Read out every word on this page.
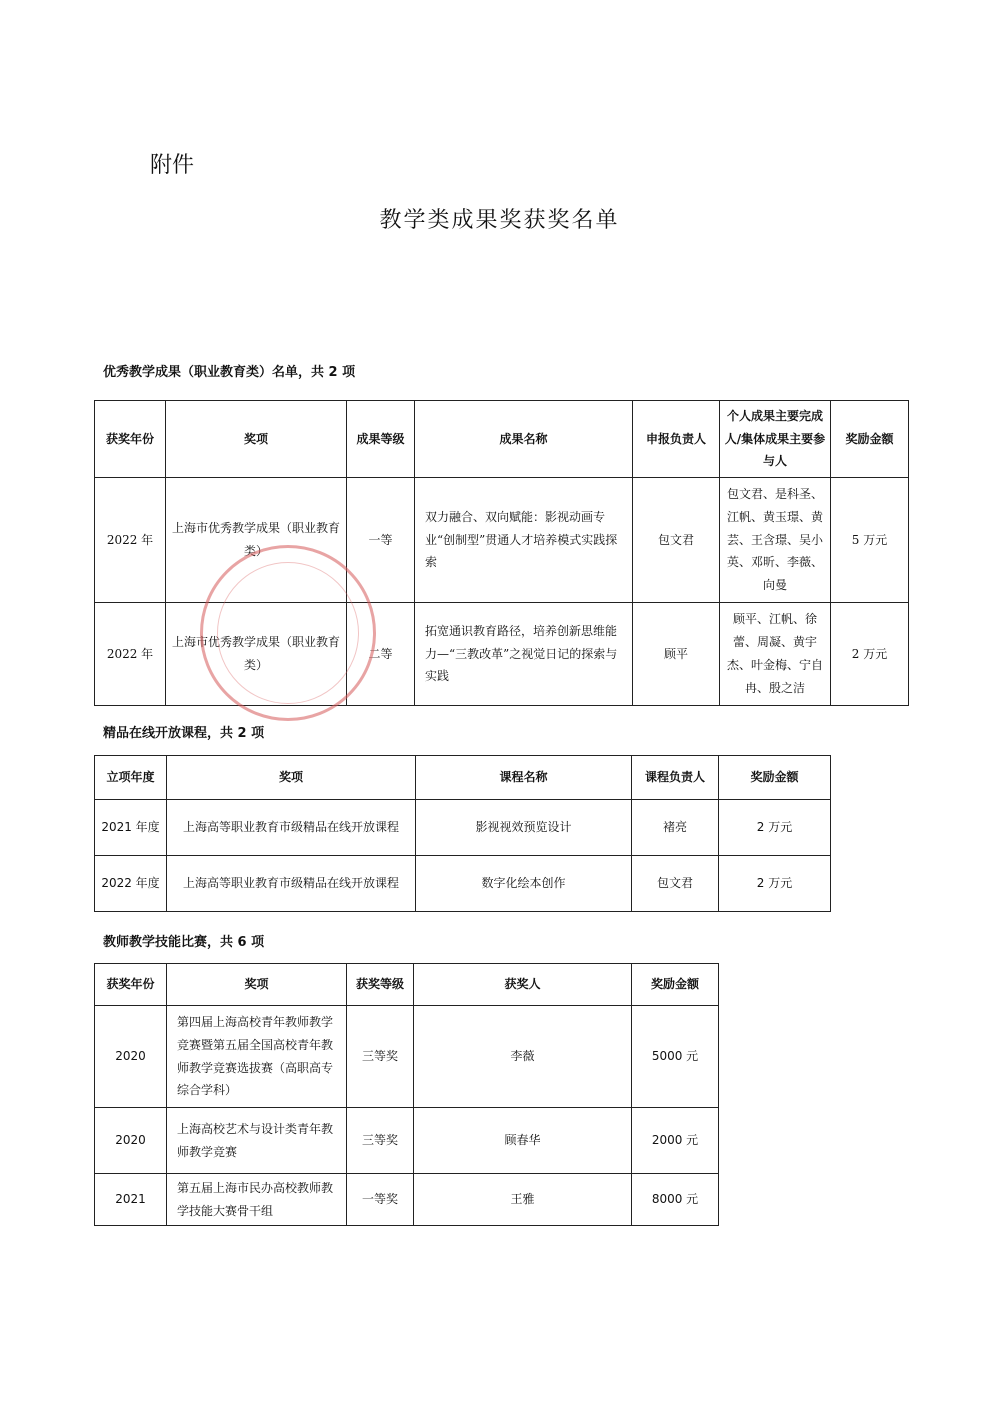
附件
教学类成果奖获奖名单
优秀教学成果（职业教育类）名单，共 2 项
获奖年份	奖项	成果等级	成果名称	申报负责人	个人成果主要完成人/集体成果主要参与人	奖励金额
2022 年	上海市优秀教学成果（职业教育类）	一等	双力融合、双向赋能：影视动画专业“创制型”贯通人才培养模式实践探索	包文君	包文君、是科圣、江帆、黄玉璟、黄芸、王含璟、吴小英、邓昕、李薇、向曼	5 万元
2022 年	上海市优秀教学成果（职业教育类）	二等	拓宽通识教育路径，培养创新思维能力—“三教改革”之视觉日记的探索与实践	顾平	顾平、江帆、徐蕾、周凝、黄宇杰、叶金梅、宁自冉、殷之洁	2 万元
精品在线开放课程，共 2 项
立项年度	奖项	课程名称	课程负责人	奖励金额
2021 年度	上海高等职业教育市级精品在线开放课程	影视视效预览设计	褚亮	2 万元
2022 年度	上海高等职业教育市级精品在线开放课程	数字化绘本创作	包文君	2 万元
教师教学技能比赛，共 6 项
获奖年份	奖项	获奖等级	获奖人	奖励金额
2020	第四届上海高校青年教师教学竞赛暨第五届全国高校青年教师教学竞赛选拔赛（高职高专综合学科）	三等奖	李薇	5000 元
2020	上海高校艺术与设计类青年教师教学竞赛	三等奖	顾春华	2000 元
2021	第五届上海市民办高校教师教学技能大赛骨干组	一等奖	王雅	8000 元
